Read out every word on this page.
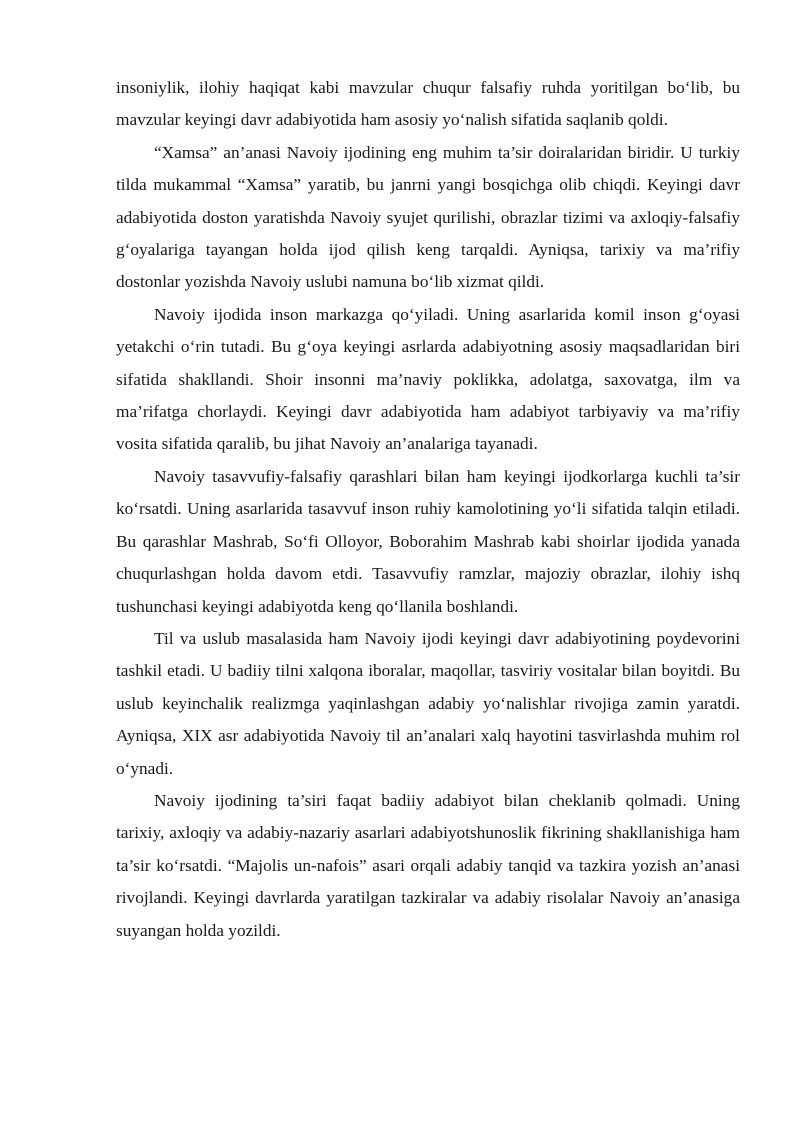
insoniylik, ilohiy haqiqat kabi mavzular chuqur falsafiy ruhda yoritilgan bo‘lib, bu mavzular keyingi davr adabiyotida ham asosiy yo‘nalish sifatida saqlanib qoldi.

“Xamsa” an’anasi Navoiy ijodining eng muhim ta’sir doiralaridan biridir. U turkiy tilda mukammal “Xamsa” yaratib, bu janrni yangi bosqichga olib chiqdi. Keyingi davr adabiyotida doston yaratishda Navoiy syujet qurilishi, obrazlar tizimi va axloqiy-falsafiy g‘oyalariga tayangan holda ijod qilish keng tarqaldi. Ayniqsa, tarixiy va ma’rifiy dostonlar yozishda Navoiy uslubi namuna bo‘lib xizmat qildi.

Navoiy ijodida inson markazga qo‘yiladi. Uning asarlarida komil inson g‘oyasi yetakchi o‘rin tutadi. Bu g‘oya keyingi asrlarda adabiyotning asosiy maqsadlaridan biri sifatida shakllandi. Shoir insonni ma’naviy poklikka, adolatga, saxovatga, ilm va ma’rifatga chorlaydi. Keyingi davr adabiyotida ham adabiyot tarbiyaviy va ma’rifiy vosita sifatida qaralib, bu jihat Navoiy an’analariga tayanadi.

Navoiy tasavvufiy-falsafiy qarashlari bilan ham keyingi ijodkorlarga kuchli ta’sir ko‘rsatdi. Uning asarlarida tasavvuf inson ruhiy kamolotining yo‘li sifatida talqin etiladi. Bu qarashlar Mashrab, So‘fi Olloyor, Boborahim Mashrab kabi shoirlar ijodida yanada chuqurlashgan holda davom etdi. Tasavvufiy ramzlar, majoziy obrazlar, ilohiy ishq tushunchasi keyingi adabiyotda keng qo‘llanila boshlandi.

Til va uslub masalasida ham Navoiy ijodi keyingi davr adabiyotining poydevorini tashkil etadi. U badiiy tilni xalqona iboralar, maqollar, tasviriy vositalar bilan boyitdi. Bu uslub keyinchalik realizmga yaqinlashgan adabiy yo‘nalishlar rivojiga zamin yaratdi. Ayniqsa, XIX asr adabiyotida Navoiy til an’analari xalq hayotini tasvirlashda muhim rol o‘ynadi.

Navoiy ijodining ta’siri faqat badiiy adabiyot bilan cheklanib qolmadi. Uning tarixiy, axloqiy va adabiy-nazariy asarlari adabiyotshunoslik fikrining shakllanishiga ham ta’sir ko‘rsatdi. “Majolis un-nafois” asari orqali adabiy tanqid va tazkira yozish an’anasi rivojlandi. Keyingi davrlarda yaratilgan tazkiralar va adabiy risolalar Navoiy an’anasiga suyangan holda yozildi.
